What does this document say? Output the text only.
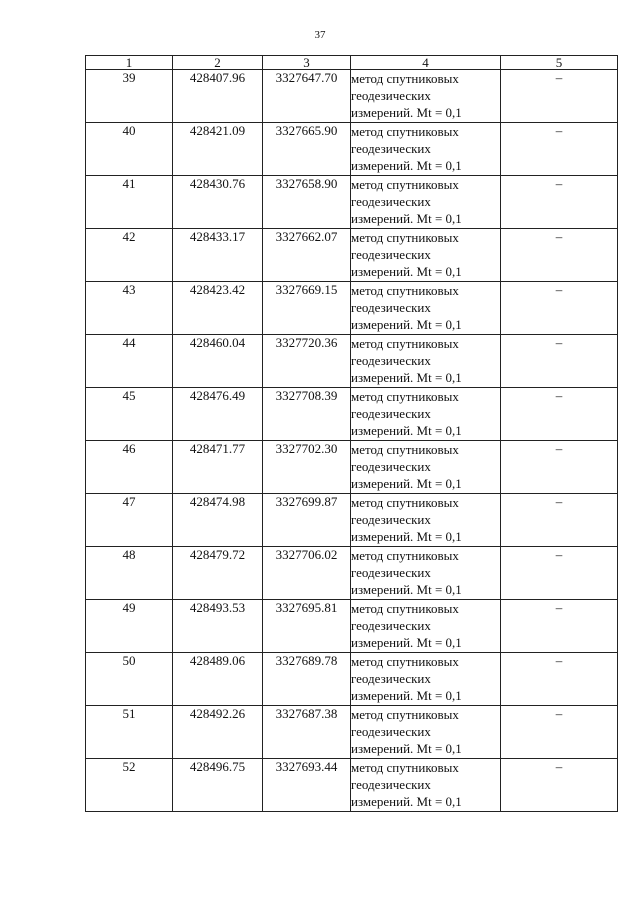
37
1	2	3	4	5
39	428407.96	3327647.70	метод спутниковых
геодезических
измерений. Mt = 0,1	–
40	428421.09	3327665.90	метод спутниковых
геодезических
измерений. Mt = 0,1	–
41	428430.76	3327658.90	метод спутниковых
геодезических
измерений. Mt = 0,1	–
42	428433.17	3327662.07	метод спутниковых
геодезических
измерений. Mt = 0,1	–
43	428423.42	3327669.15	метод спутниковых
геодезических
измерений. Mt = 0,1	–
44	428460.04	3327720.36	метод спутниковых
геодезических
измерений. Mt = 0,1	–
45	428476.49	3327708.39	метод спутниковых
геодезических
измерений. Mt = 0,1	–
46	428471.77	3327702.30	метод спутниковых
геодезических
измерений. Mt = 0,1	–
47	428474.98	3327699.87	метод спутниковых
геодезических
измерений. Mt = 0,1	–
48	428479.72	3327706.02	метод спутниковых
геодезических
измерений. Mt = 0,1	–
49	428493.53	3327695.81	метод спутниковых
геодезических
измерений. Mt = 0,1	–
50	428489.06	3327689.78	метод спутниковых
геодезических
измерений. Mt = 0,1	–
51	428492.26	3327687.38	метод спутниковых
геодезических
измерений. Mt = 0,1	–
52	428496.75	3327693.44	метод спутниковых
геодезических
измерений. Mt = 0,1	–
